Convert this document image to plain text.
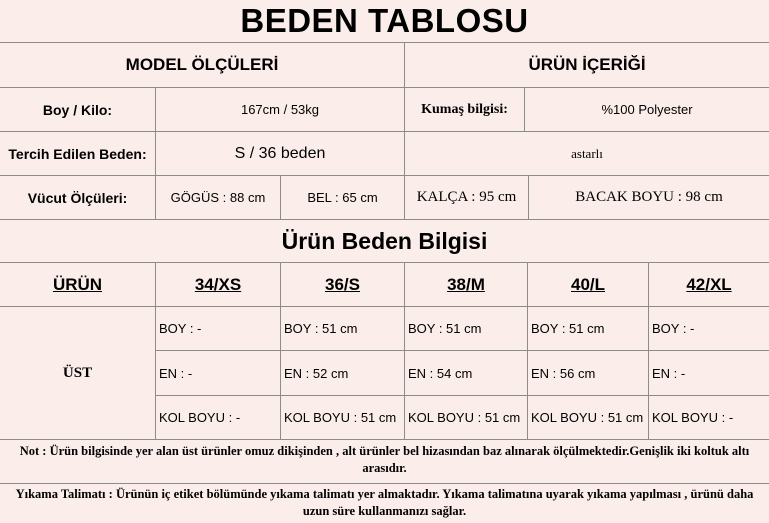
BEDEN TABLOSU
MODEL ÖLÇÜLERİ	ÜRÜN İÇERİĞİ
Boy / Kilo:	167cm / 53kg	Kumaş bilgisi:	%100 Polyester
Tercih Edilen Beden:	S / 36 beden	astarlı
Vücut Ölçüleri:	GÖGÜS : 88 cm	BEL : 65 cm	KALÇA : 95 cm	BACAK BOYU : 98 cm
Ürün Beden Bilgisi
ÜRÜN	34/XS	36/S	38/M	40/L	42/XL
ÜST
BOY : -	BOY : 51 cm	BOY : 51 cm	BOY : 51 cm	BOY : -
EN : -	EN : 52 cm	EN : 54 cm	EN : 56 cm	EN : -
KOL BOYU : -	KOL BOYU : 51 cm KOL BOYU : 51 cm KOL BOYU : 51 cm KOL BOYU : -
Not : Ürün bilgisinde yer alan üst ürünler omuz dikişinden , alt ürünler bel hizasından baz alınarak ölçülmektedir.Genişlik iki koltuk altı arasıdır.
Yıkama Talimatı : Ürünün iç etiket bölümünde yıkama talimatı yer almaktadır. Yıkama talimatına uyarak yıkama yapılması , ürünü daha uzun süre kullanmanızı sağlar.
